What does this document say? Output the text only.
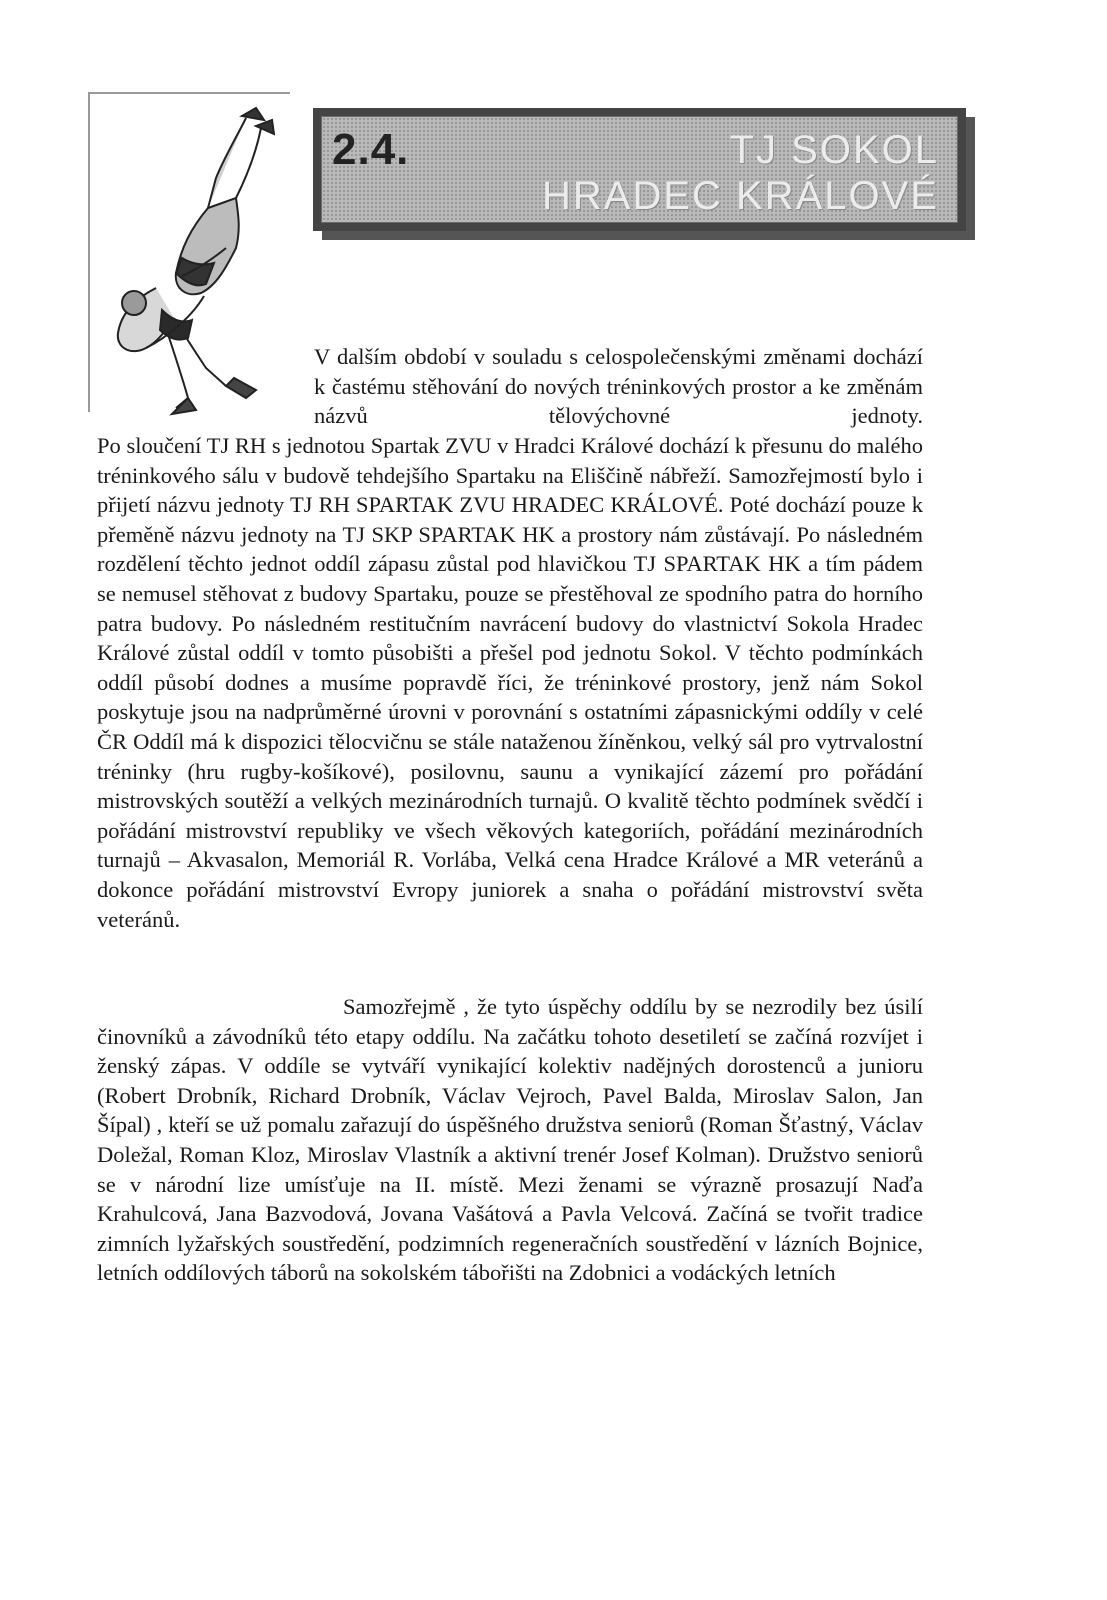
2.4.	TJ SOKOL
HRADEC KRÁLOVÉ

V dalším období v souladu s celospolečenskými změnami dochází k častému stěhování do nových tréninkových prostor a ke změnám názvů tělovýchovné jednoty.

Po sloučení TJ RH s jednotou Spartak ZVU v Hradci Králové dochází k přesunu do malého tréninkového sálu v budově tehdejšího Spartaku na Eliščině nábřeží. Samozřejmostí bylo i přijetí názvu jednoty TJ RH SPARTAK ZVU HRADEC KRÁLOVÉ. Poté dochází pouze k přeměně názvu jednoty na TJ SKP SPARTAK HK a prostory nám zůstávají. Po následném rozdělení těchto jednot oddíl zápasu zůstal pod hlavičkou TJ SPARTAK HK a tím pádem se nemusel stěhovat z budovy Spartaku, pouze se přestěhoval ze spodního patra do horního patra budovy. Po následném restitučním navrácení budovy do vlastnictví Sokola Hradec Králové zůstal oddíl v tomto působišti a přešel pod jednotu Sokol. V těchto podmínkách oddíl působí dodnes a musíme popravdě říci, že tréninkové prostory, jenž nám Sokol poskytuje jsou na nadprůměrné úrovni v porovnání s ostatními zápasnickými oddíly v celé ČR Oddíl má k dispozici tělocvičnu se stále nataženou žíněnkou, velký sál pro vytrvalostní tréninky (hru rugby-košíkové), posilovnu, saunu a vynikající zázemí pro pořádání mistrovských soutěží a velkých mezinárodních turnajů. O kvalitě těchto podmínek svědčí i pořádání mistrovství republiky ve všech věkových kategoriích, pořádání mezinárodních turnajů – Akvasalon, Memoriál R. Vorlába, Velká cena Hradce Králové a MR veteránů a dokonce pořádání mistrovství Evropy juniorek a snaha o pořádání mistrovství světa veteránů.

Samozřejmě , že tyto úspěchy oddílu by se nezrodily bez úsilí činovníků a závodníků této etapy oddílu. Na začátku tohoto desetiletí se začíná rozvíjet i ženský zápas. V oddíle se vytváří vynikající kolektiv nadějných dorostenců a junioru (Robert Drobník, Richard Drobník, Václav Vejroch, Pavel Balda, Miroslav Salon, Jan Šípal) , kteří se už pomalu zařazují do úspěšného družstva seniorů (Roman Šťastný, Václav Doležal, Roman Kloz, Miroslav Vlastník a aktivní trenér Josef Kolman). Družstvo seniorů se v národní lize umísťuje na II. místě. Mezi ženami se výrazně prosazují Naďa Krahulcová, Jana Bazvodová, Jovana Vašátová a Pavla Velcová. Začíná se tvořit tradice zimních lyžařských soustředění, podzimních regeneračních soustředění v lázních Bojnice, letních oddílových táborů na sokolském tábořišti na Zdobnici a vodáckých letních
